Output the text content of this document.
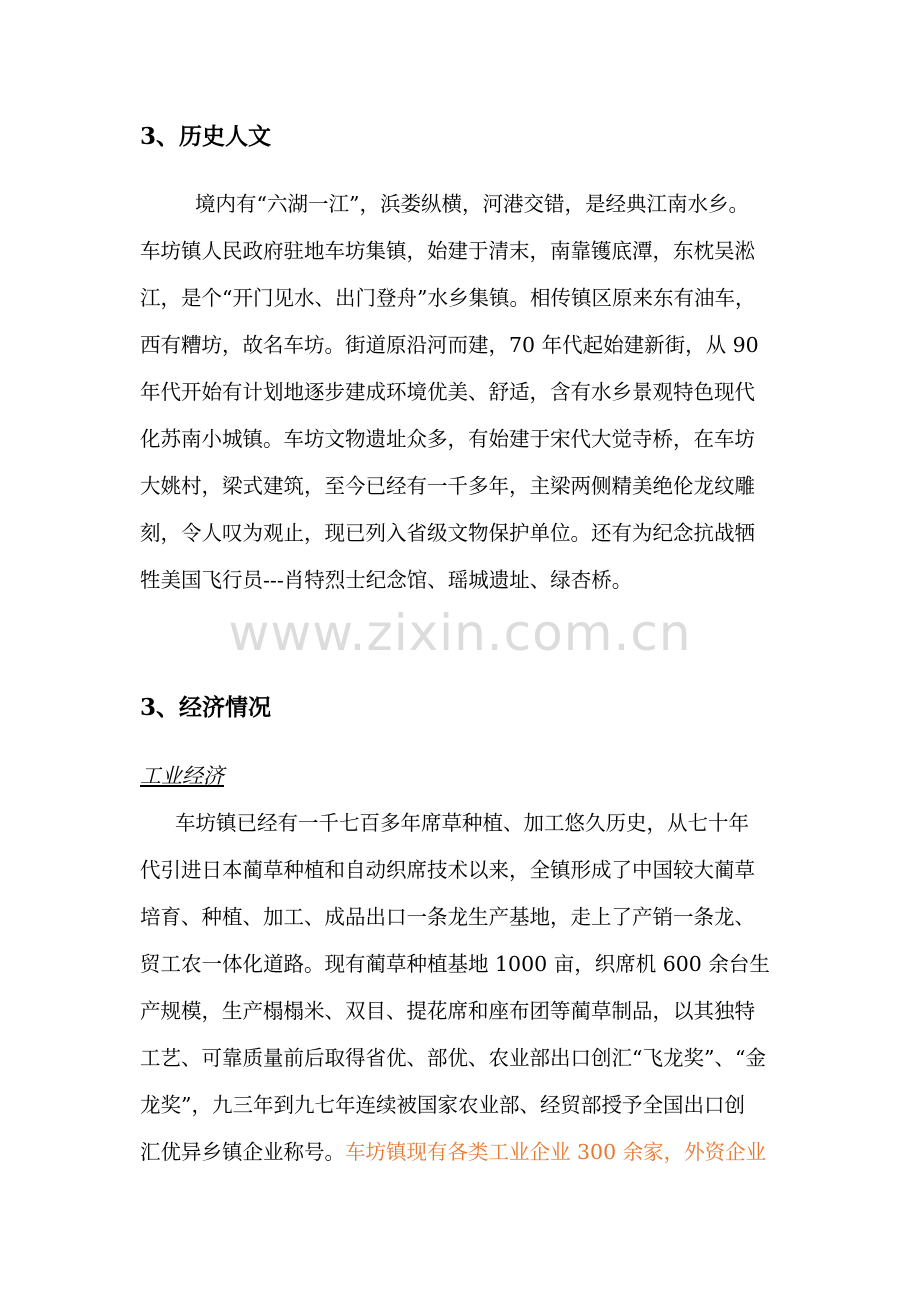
3、历史人文
境内有“六湖一江”，浜娄纵横，河港交错，是经典江南水乡。
车坊镇人民政府驻地车坊集镇，始建于清末，南靠镬底潭，东枕吴淞
江，是个“开门见水、出门登舟”水乡集镇。相传镇区原来东有油车，
西有糟坊，故名车坊。街道原沿河而建，70 年代起始建新街，从 90
年代开始有计划地逐步建成环境优美、舒适，含有水乡景观特色现代
化苏南小城镇。车坊文物遗址众多，有始建于宋代大觉寺桥，在车坊
大姚村，梁式建筑，至今已经有一千多年，主梁两侧精美绝伦龙纹雕
刻，令人叹为观止，现已列入省级文物保护单位。还有为纪念抗战牺
牲美国飞行员---肖特烈士纪念馆、瑶城遗址、绿杏桥。
www.zixin.com.cn
3、经济情况
工业经济
车坊镇已经有一千七百多年席草种植、加工悠久历史，从七十年
代引进日本蔺草种植和自动织席技术以来，全镇形成了中国较大蔺草
培育、种植、加工、成品出口一条龙生产基地，走上了产销一条龙、
贸工农一体化道路。现有蔺草种植基地 1000 亩，织席机 600 余台生
产规模，生产榻榻米、双目、提花席和座布团等蔺草制品，以其独特
工艺、可靠质量前后取得省优、部优、农业部出口创汇“飞龙奖”、“金
龙奖”，九三年到九七年连续被国家农业部、经贸部授予全国出口创
汇优异乡镇企业称号。车坊镇现有各类工业企业 300 余家，外资企业
